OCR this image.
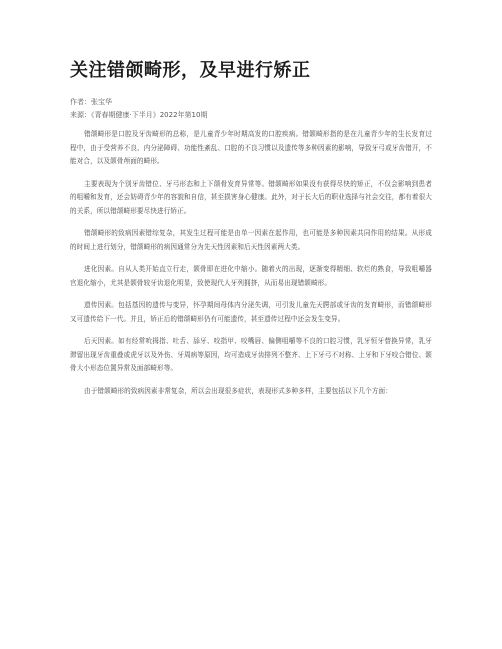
关注错颌畸形，及早进行矫正
作者：张宝华
来源：《青春期健康·下半月》2022年第10期

错颌畸形是口腔及牙齿畸形的总称，是儿童青少年时期高发的口腔疾病。错颌畸形指的是在儿童青少年的生长发育过程中，由于受营养不良、内分泌障碍、功能性紊乱、口腔的不良习惯以及遗传等多种因素的影响，导致牙弓或牙齿错开，不能对合，以及颌骨颅面的畸形。

主要表现为个别牙齿错位、牙弓形态和上下颌骨发育异常等。错颌畸形如果没有获得尽快的矫正，不仅会影响到患者的咀嚼和发育，还会妨碍青少年的容貌和自信，甚至损害身心健康。此外，对于长大后的职业选择与社会交往，都有着很大的关系，所以错颌畸形要尽快进行矫正。

错颌畸形的致病因素错综复杂，其发生过程可能是由单一因素在起作用，也可能是多种因素共同作用的结果。从形成的时间上进行划分，错颌畸形的病因通常分为先天性因素和后天性因素两大类。

进化因素。自从人类开始直立行走，颌骨即在进化中缩小。随着火的出现，逐渐变得精细、软烂的熟食，导致咀嚼器官退化缩小，尤其是颌骨较牙齿退化明显，致使现代人牙列拥挤，从而易出现错颌畸形。

遗传因素。包括基因的遗传与变异，怀孕期间母体内分泌失调，可引发儿童先天腭部或牙齿的发育畸形，而错颌畸形又可遗传给下一代。并且，矫正后的错颌畸形仍有可能遗传，甚至遗传过程中还会发生变异。

后天因素。如有经常吮拇指、吐舌、舔牙、咬指甲、咬嘴唇、偏侧咀嚼等不良的口腔习惯，乳牙恒牙替换异常，乳牙滞留出现牙齿重叠或虎牙以及外伤、牙周病等原因，均可造成牙齿排列不整齐、上下牙弓不对称、上牙和下牙咬合错位、颌骨大小形态位置异常及面部畸形等。

由于错颌畸形的致病因素非常复杂，所以会出现很多症状，表现形式多种多样，主要包括以下几个方面：
